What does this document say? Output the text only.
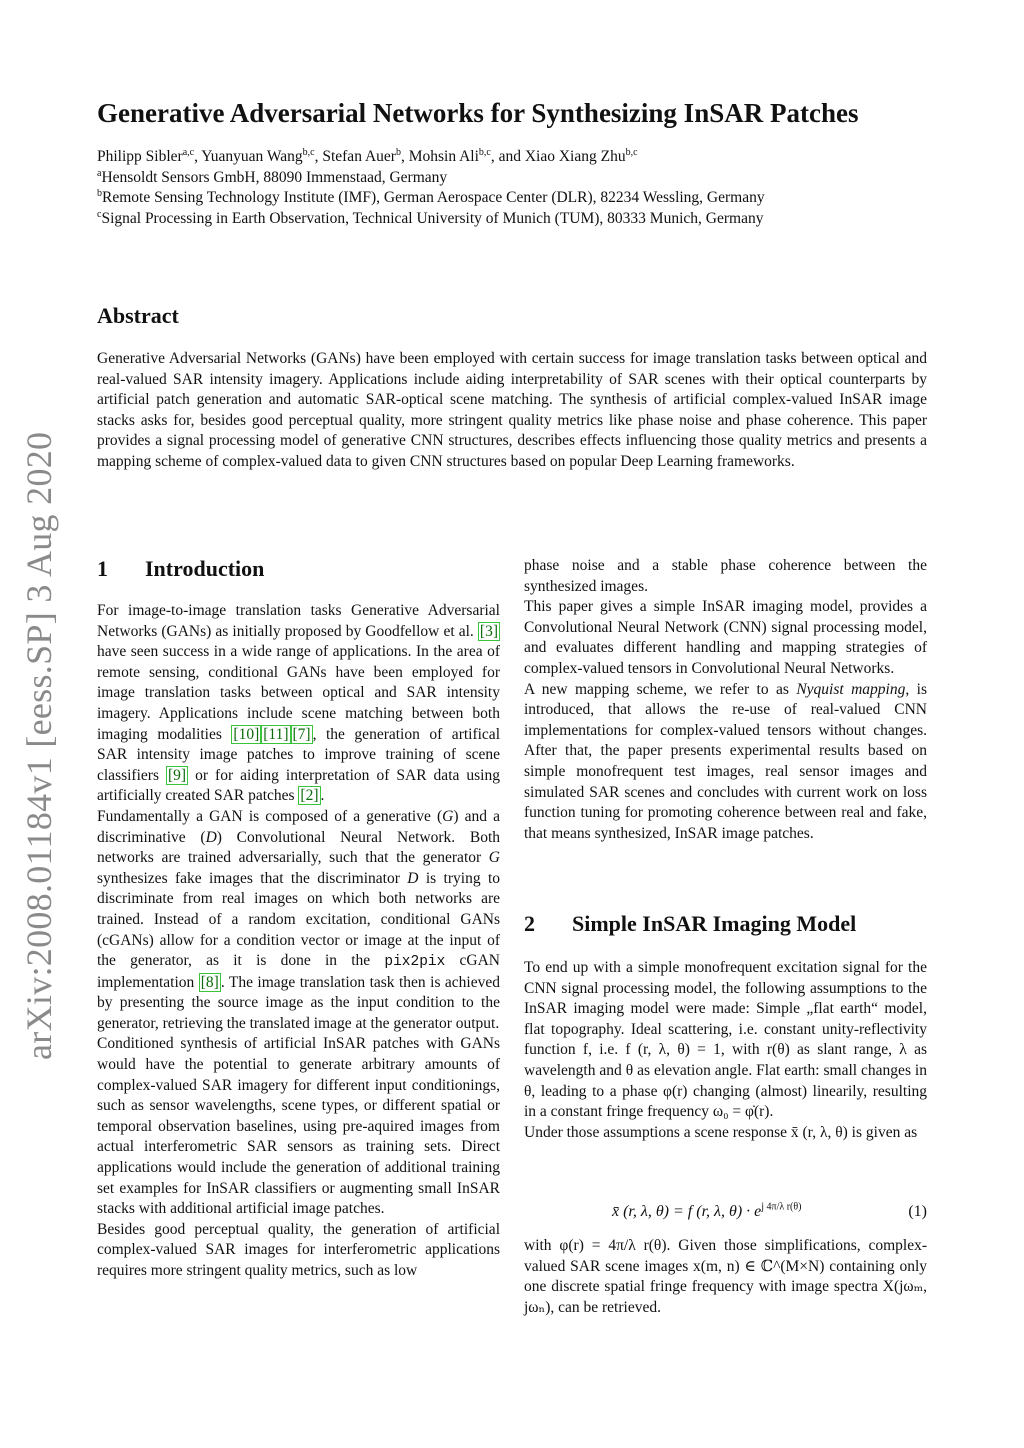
arXiv:2008.01184v1 [eess.SP] 3 Aug 2020
Generative Adversarial Networks for Synthesizing InSAR Patches

Philipp Sibler$^{a,c}$, Yuanyuan Wang$^{b,c}$, Stefan Auer$^b$, Mohsin Ali$^{b,c}$, and Xiao Xiang Zhu$^{b,c}$

$^a$Hensoldt Sensors GmbH, 88090 Immenstaad, Germany

$^b$Remote Sensing Technology Institute (IMF), German Aerospace Center (DLR), 82234 Wessling, Germany

$^c$Signal Processing in Earth Observation, Technical University of Munich (TUM), 80333 Munich, Germany

Abstract

Generative Adversarial Networks (GANs) have been employed with certain success for image translation tasks between optical and real-valued SAR intensity imagery. Applications include aiding interpretability of SAR scenes with their optical counterparts by artificial patch generation and automatic SAR-optical scene matching. The synthesis of artificial complex-valued InSAR image stacks asks for, besides good perceptual quality, more stringent quality metrics like phase noise and phase coherence. This paper provides a signal processing model of generative CNN structures, describes effects influencing those quality metrics and presents a mapping scheme of complex-valued data to given CNN structures based on popular Deep Learning frameworks.

1 Introduction

For image-to-image translation tasks Generative Adversarial Networks (GANs) as initially proposed by Goodfellow et al. [3] have seen success in a wide range of applications. In the area of remote sensing, conditional GANs have been employed for image translation tasks between optical and SAR intensity imagery. Applications include scene matching between both imaging modalities [10] [11] [7] , the generation of artifical SAR intensity image patches to improve training of scene classifiers [9] or for aiding interpretation of SAR data using artificially created SAR patches [2] .

Fundamentally a GAN is composed of a generative (G) and a discriminative (D) Convolutional Neural Network. Both networks are trained adversarially, such that the generator G synthesizes fake images that the discriminator D is trying to discriminate from real images on which both networks are trained. Instead of a random excitation, conditional GANs (cGANs) allow for a condition vector or image at the input of the generator, as it is done in the pix2pix cGAN implementation [8] . The image translation task then is achieved by presenting the source image as the input condition to the generator, retrieving the translated image at the generator output.

Conditioned synthesis of artificial InSAR patches with GANs would have the potential to generate arbitrary amounts of complex-valued SAR imagery for different input conditionings, such as sensor wavelengths, scene types, or different spatial or temporal observation baselines, using pre-aquired images from actual interferometric SAR sensors as training sets. Direct applications would include the generation of additional training set examples for InSAR classifiers or augmenting small InSAR stacks with additional artificial image patches.

Besides good perceptual quality, the generation of artificial complex-valued SAR images for interferometric applications requires more stringent quality metrics, such as low

phase noise and a stable phase coherence between the synthesized images.

This paper gives a simple InSAR imaging model, provides a Convolutional Neural Network (CNN) signal processing model, and evaluates different handling and mapping strategies of complex-valued tensors in Convolutional Neural Networks.

A new mapping scheme, we refer to as Nyquist mapping, is introduced, that allows the re-use of real-valued CNN implementations for complex-valued tensors without changes. After that, the paper presents experimental results based on simple monofrequent test images, real sensor images and simulated SAR scenes and concludes with current work on loss function tuning for promoting coherence between real and fake, that means synthesized, InSAR image patches.

2 Simple InSAR Imaging Model

To end up with a simple monofrequent excitation signal for the CNN signal processing model, the following assumptions to the InSAR imaging model were made: Simple „flat earth“ model, flat topography. Ideal scattering, i.e. constant unity-reflectivity function f, i.e. f (r, λ, θ) = 1, with r(θ) as slant range, λ as wavelength and θ as elevation angle. Flat earth: small changes in θ, leading to a phase φ(r) changing (almost) linearily, resulting in a constant fringe frequency ω₀ = φ̇(r).

Under those assumptions a scene response x̄ (r, λ, θ) is given as

x̄ (r, λ, θ) = f (r, λ, $\theta) \cdot e^{j 4\pi/\lambda r(\theta)}$	(1)

with φ(r) = 4π/λ r(θ). Given those simplifications, complex-valued SAR scene images x(m, n) ∈ ℂ^(M×N) containing only one discrete spatial fringe frequency with image spectra X(jωₘ, jωₙ), can be retrieved.
